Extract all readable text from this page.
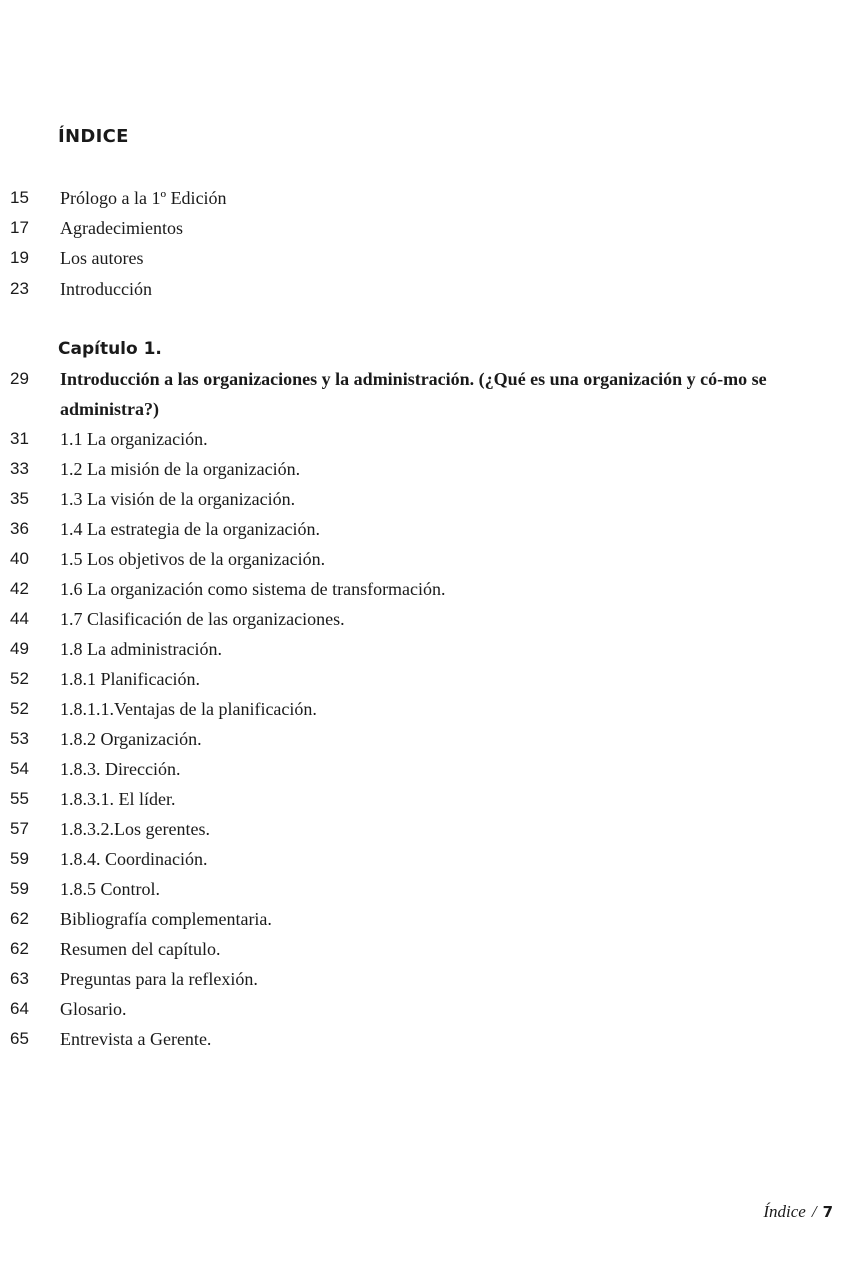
ÍNDICE
15	Prólogo a la 1º Edición
17	Agradecimientos
19	Los autores
23	Introducción
Capítulo 1.
29	Introducción a las organizaciones y la administración. (¿Qué es una organización y có-mo se administra?)
31	1.1 La organización.
33	1.2 La misión de la organización.
35	1.3 La visión de la organización.
36	1.4 La estrategia de la organización.
40	1.5 Los objetivos de la organización.
42	1.6 La organización como sistema de transformación.
44	1.7 Clasificación de las organizaciones.
49	1.8 La administración.
52	1.8.1 Planificación.
52	1.8.1.1.Ventajas de la planificación.
53	1.8.2 Organización.
54	1.8.3. Dirección.
55	1.8.3.1. El líder.
57	1.8.3.2.Los gerentes.
59	1.8.4. Coordinación.
59	1.8.5 Control.
62	Bibliografía complementaria.
62	Resumen del capítulo.
63	Preguntas para la reflexión.
64	Glosario.
65	Entrevista a Gerente.
Índice / 7
